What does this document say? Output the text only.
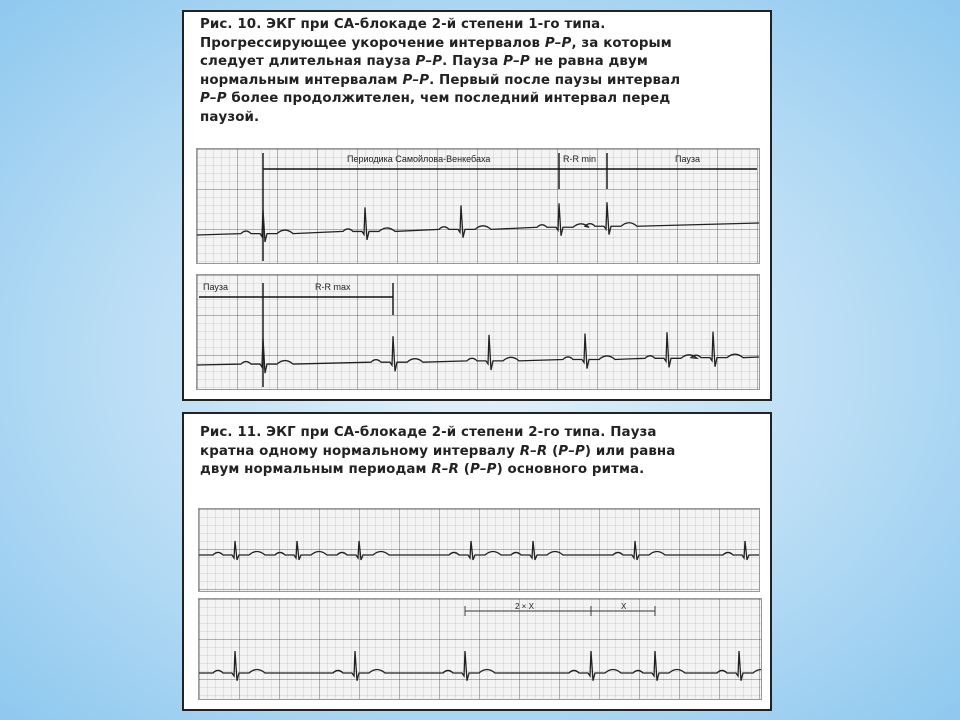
Рис. 10. ЭКГ при СА-блокаде 2-й степени 1-го типа.
Прогрессирующее укорочение интервалов P–P, за которым
следует длительная пауза P–P. Пауза P–P не равна двум
нормальным интервалам P–P. Первый после паузы интервал
P–P более продолжителен, чем последний интервал перед
паузой.
Периодика Самойлова-Венкебаха	R-R min	Пауза
Пауза	R-R max
Рис. 11. ЭКГ при СА-блокаде 2-й степени 2-го типа. Пауза
кратна одному нормальному интервалу R–R (P–P) или равна
двум нормальным периодам R–R (P–P) основного ритма.
2 × X	X
